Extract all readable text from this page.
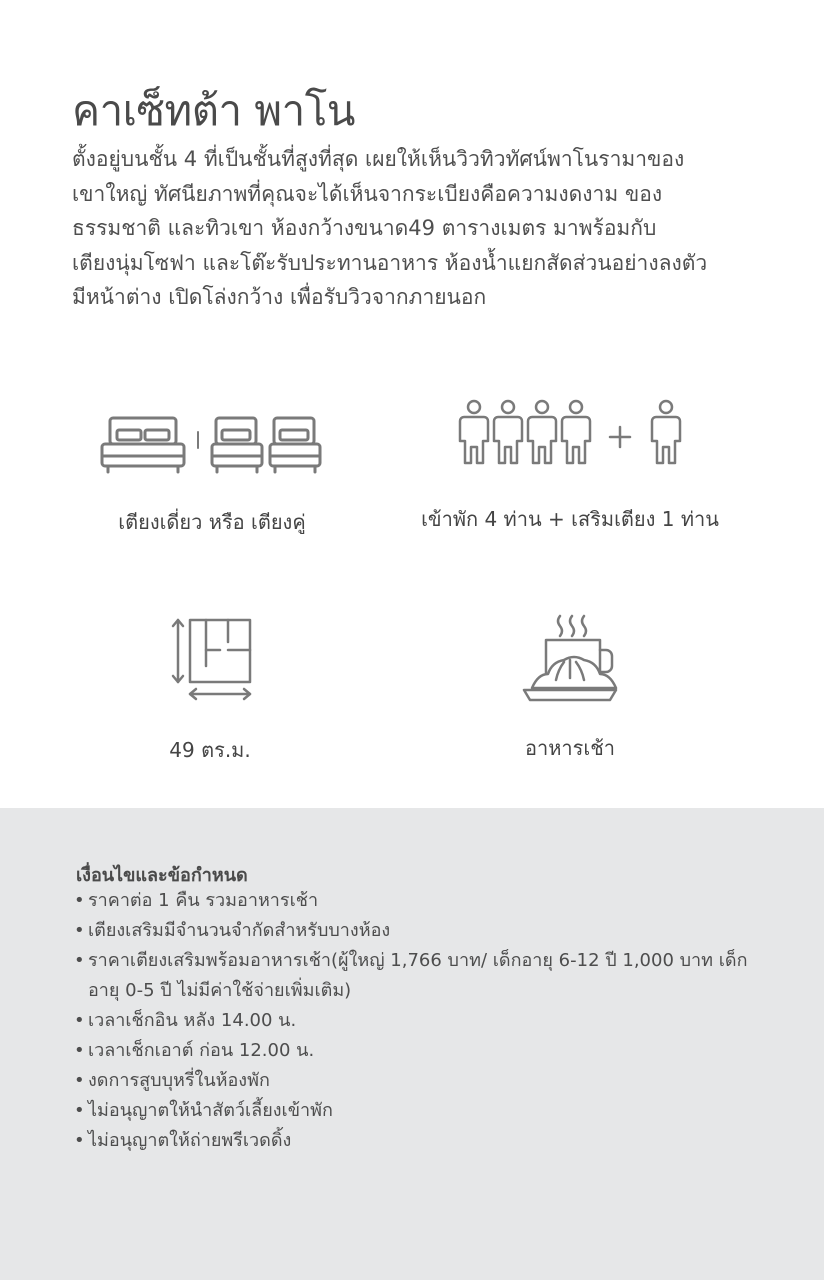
คาเซ็ทต้า พาโน
ตั้งอยู่บนชั้น 4 ที่เป็นชั้นที่สูงที่สุด เผยให้เห็นวิวทิวทัศน์พาโนรามาของ
เขาใหญ่ ทัศนียภาพที่คุณจะได้เห็นจากระเบียงคือความงดงาม ของ
ธรรมชาติ และทิวเขา ห้องกว้างขนาด49 ตารางเมตร มาพร้อมกับ
เตียงนุ่มโซฟา และโต๊ะรับประทานอาหาร ห้องน้ำแยกสัดส่วนอย่างลงตัว
มีหน้าต่าง เปิดโล่งกว้าง เพื่อรับวิวจากภายนอก
เตียงเดี่ยว หรือ เตียงคู่	เข้าพัก 4 ท่าน + เสริมเตียง 1 ท่าน
49 ตร.ม.	อาหารเช้า
เงื่อนไขและข้อกำหนด
• ราคาต่อ 1 คืน รวมอาหารเช้า
• เตียงเสริมมีจำนวนจำกัดสำหรับบางห้อง
• ราคาเตียงเสริมพร้อมอาหารเช้า(ผู้ใหญ่ 1,766 บาท/ เด็กอายุ 6-12 ปี 1,000 บาท เด็กอายุ 0-5 ปี ไม่มีค่าใช้จ่ายเพิ่มเติม)
• เวลาเช็กอิน หลัง 14.00 น.
• เวลาเช็กเอาต์ ก่อน 12.00 น.
• งดการสูบบุหรี่ในห้องพัก
• ไม่อนุญาตให้นำสัตว์เลี้ยงเข้าพัก
• ไม่อนุญาตให้ถ่ายพรีเวดดิ้ง
